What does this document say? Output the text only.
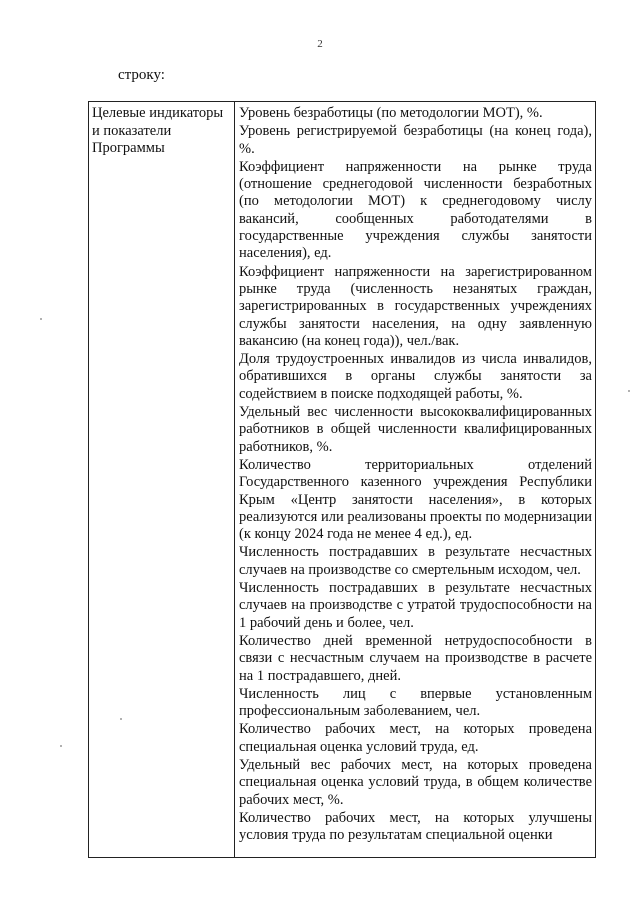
2
строку:
Целевые индикаторы и показатели Программы

Уровень безработицы (по методологии МОТ), %.

Уровень регистрируемой безработицы (на конец года), %.

Коэффициент напряженности на рынке труда (отношение среднегодовой численности безработных (по методологии МОТ) к среднегодовому числу вакансий, сообщенных работодателями в государственные учреждения службы занятости населения), ед.

Коэффициент напряженности на зарегистрированном рынке труда (численность незанятых граждан, зарегистрированных в государственных учреждениях службы занятости населения, на одну заявленную вакансию (на конец года)), чел./вак.

Доля трудоустроенных инвалидов из числа инвалидов, обратившихся в органы службы занятости за содействием в поиске подходящей работы, %.

Удельный вес численности высококвалифицированных работников в общей численности квалифицированных работников, %.

Количество территориальных отделений Государственного казенного учреждения Республики Крым «Центр занятости населения», в которых реализуются или реализованы проекты по модернизации (к концу 2024 года не менее 4 ед.), ед.

Численность пострадавших в результате несчастных случаев на производстве со смертельным исходом, чел.

Численность пострадавших в результате несчастных случаев на производстве с утратой трудоспособности на 1 рабочий день и более, чел.

Количество дней временной нетрудоспособности в связи с несчастным случаем на производстве в расчете на 1 пострадавшего, дней.

Численность лиц с впервые установленным профессиональным заболеванием, чел.

Количество рабочих мест, на которых проведена специальная оценка условий труда, ед.

Удельный вес рабочих мест, на которых проведена специальная оценка условий труда, в общем количестве рабочих мест, %.

Количество рабочих мест, на которых улучшены условия труда по результатам специальной оценки
